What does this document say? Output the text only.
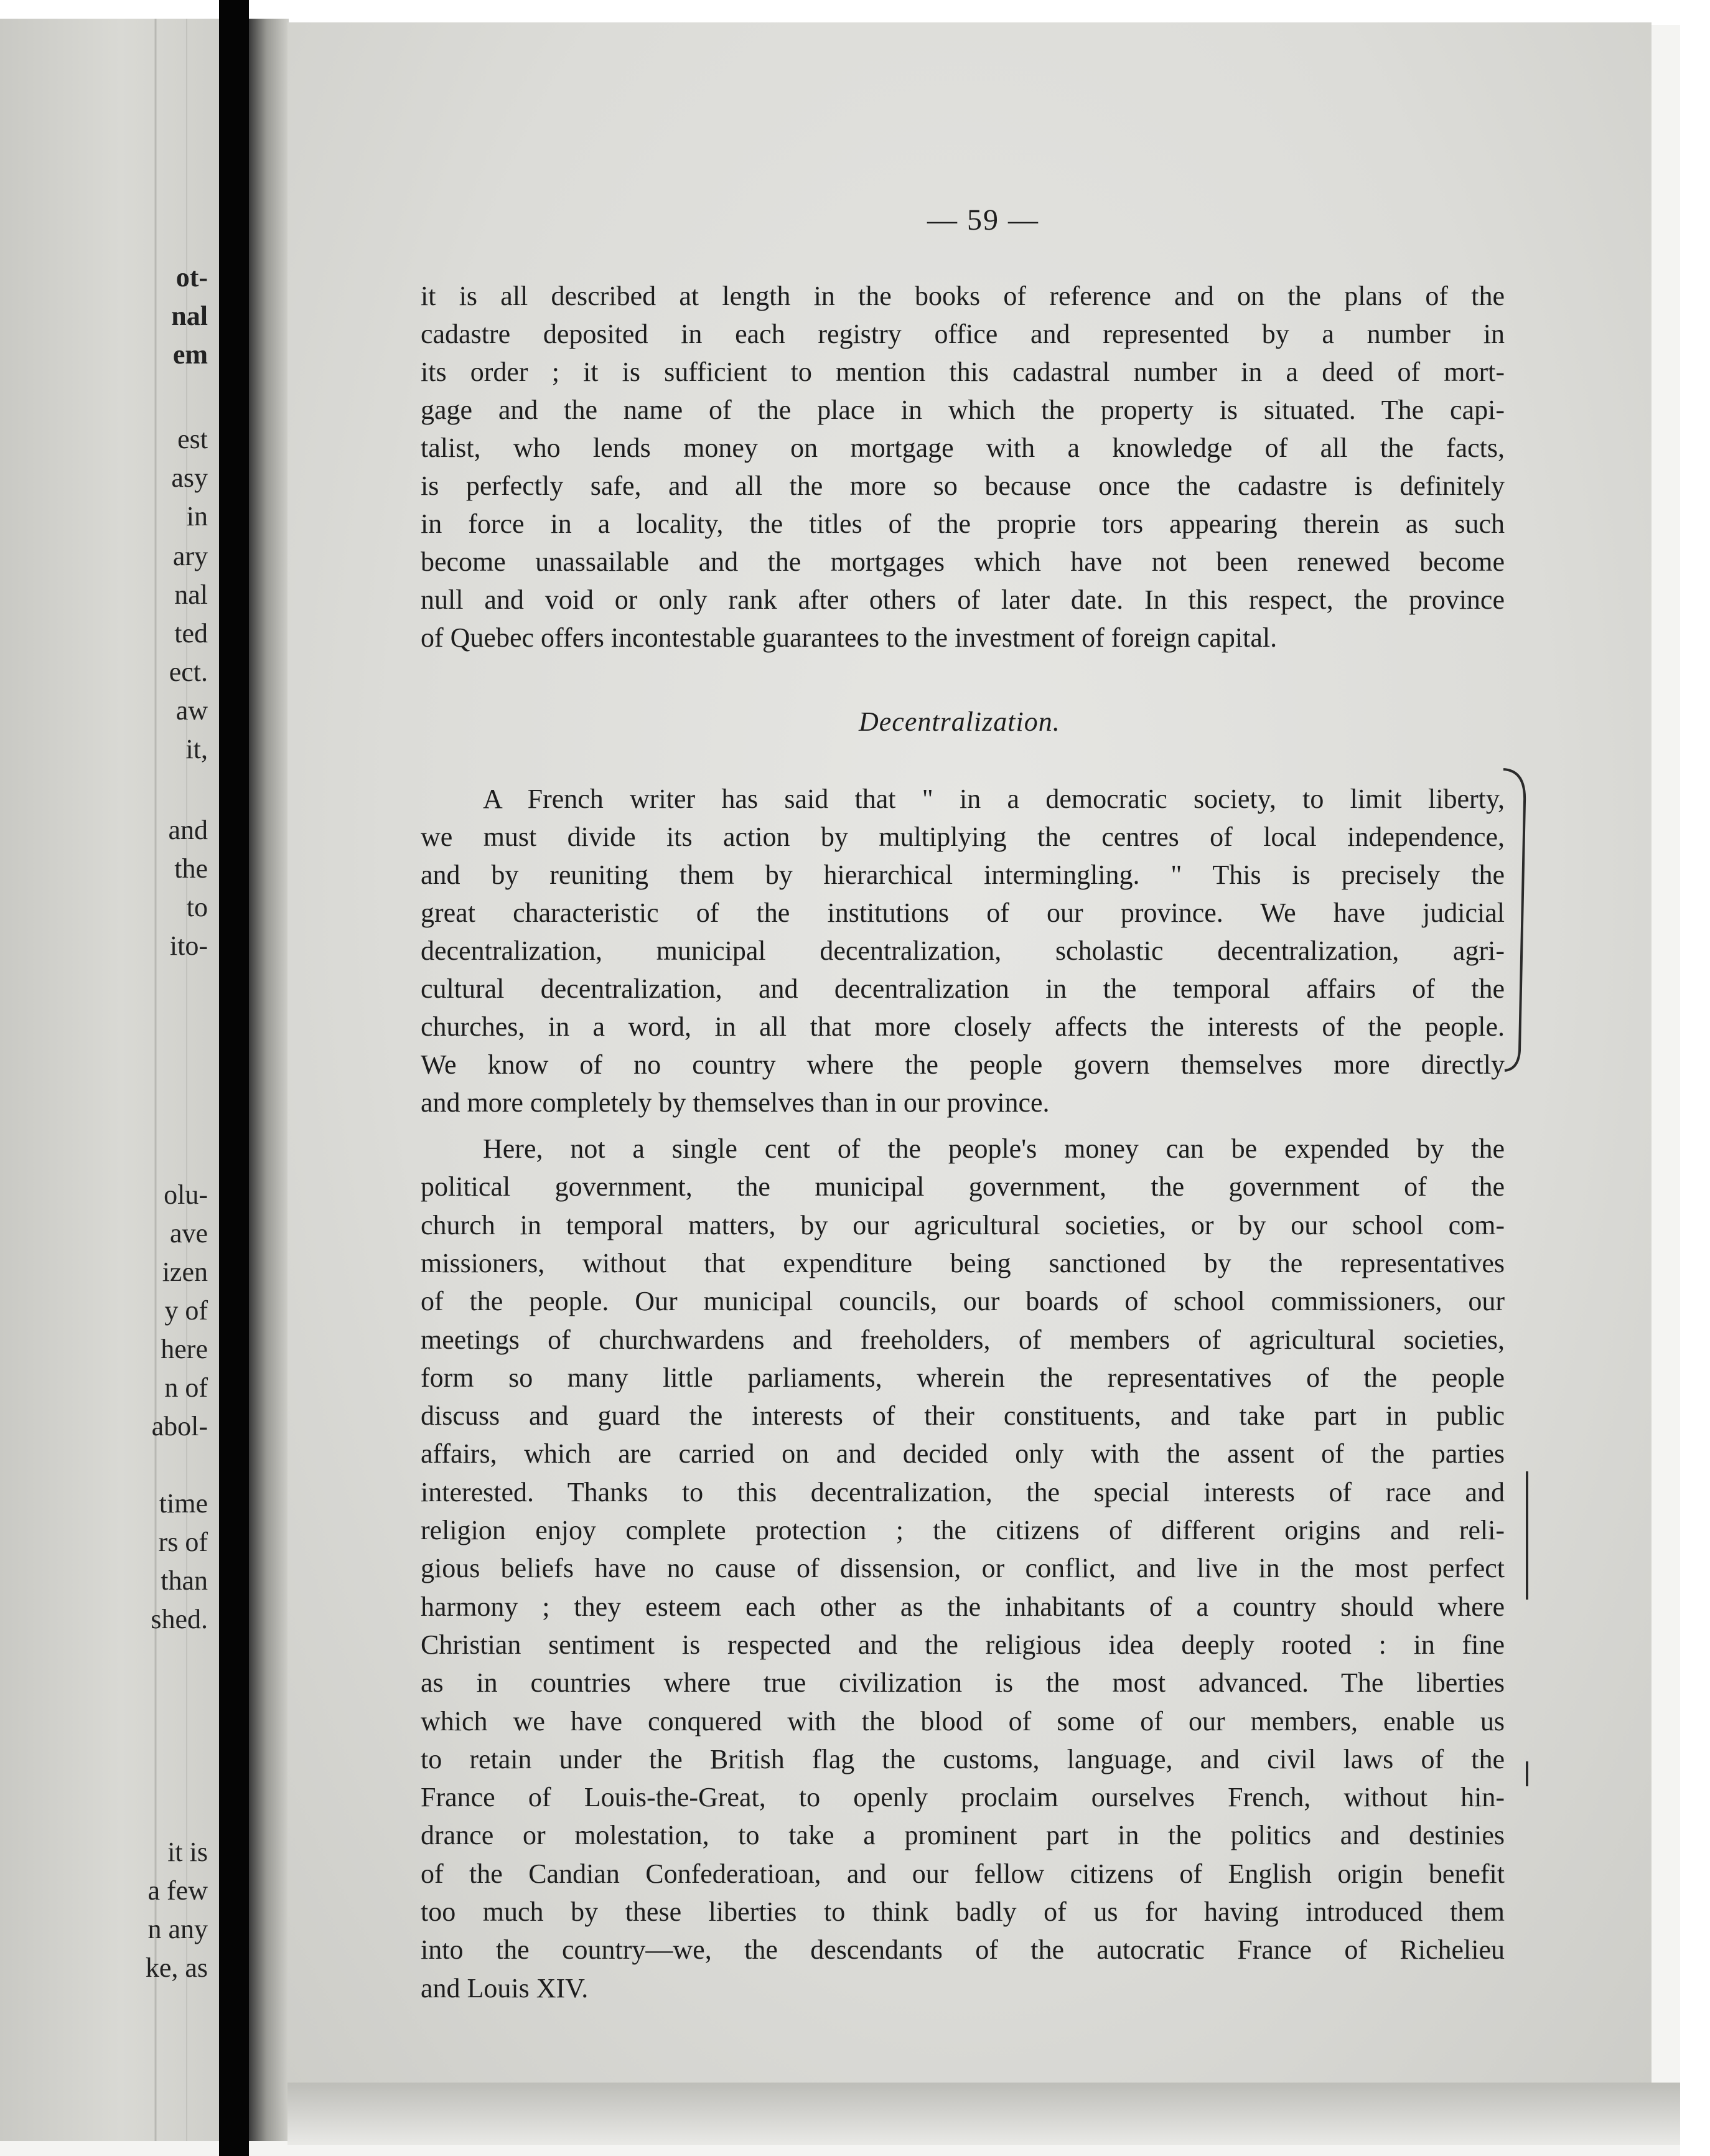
ot-
nal
em
est
asy
in
ary
nal
ted
ect.
aw
it,
and
the
to
ito-
olu-
ave
izen
y of
here
n of
abol-
time
rs of
than
shed.
it is
a few
n any
ke, as
— 59 —
it is all described at length in the books of reference and on the plans of the
cadastre deposited in each registry office and represented by a number in
its order ; it is sufficient to mention this cadastral number in a deed of mort-
gage and the name of the place in which the property is situated. The capi-
talist, who lends money on mortgage with a knowledge of all the facts,
is perfectly safe, and all the more so because once the cadastre is definitely
in force in a locality, the titles of the proprie tors appearing therein as such
become unassailable and the mortgages which have not been renewed become
null and void or only rank after others of later date. In this respect, the province
of Quebec offers incontestable guarantees to the investment of foreign capital.
Decentralization.
A French writer has said that " in a democratic society, to limit liberty,
we must divide its action by multiplying the centres of local independence,
and by reuniting them by hierarchical intermingling. " This is precisely the
great characteristic of the institutions of our province. We have judicial
decentralization, municipal decentralization, scholastic decentralization, agri-
cultural decentralization, and decentralization in the temporal affairs of the
churches, in a word, in all that more closely affects the interests of the people.
We know of no country where the people govern themselves more directly
and more completely by themselves than in our province.
Here, not a single cent of the people's money can be expended by the
political government, the municipal government, the government of the
church in temporal matters, by our agricultural societies, or by our school com-
missioners, without that expenditure being sanctioned by the representatives
of the people. Our municipal councils, our boards of school commissioners, our
meetings of churchwardens and freeholders, of members of agricultural societies,
form so many little parliaments, wherein the representatives of the people
discuss and guard the interests of their constituents, and take part in public
affairs, which are carried on and decided only with the assent of the parties
interested. Thanks to this decentralization, the special interests of race and
religion enjoy complete protection ; the citizens of different origins and reli-
gious beliefs have no cause of dissension, or conflict, and live in the most perfect
harmony ; they esteem each other as the inhabitants of a country should where
Christian sentiment is respected and the religious idea deeply rooted : in fine
as in countries where true civilization is the most advanced. The liberties
which we have conquered with the blood of some of our members, enable us
to retain under the British flag the customs, language, and civil laws of the
France of Louis-the-Great, to openly proclaim ourselves French, without hin-
drance or molestation, to take a prominent part in the politics and destinies
of the Candian Confederatioan, and our fellow citizens of English origin benefit
too much by these liberties to think badly of us for having introduced them
into the country—we, the descendants of the autocratic France of Richelieu
and Louis XIV.
